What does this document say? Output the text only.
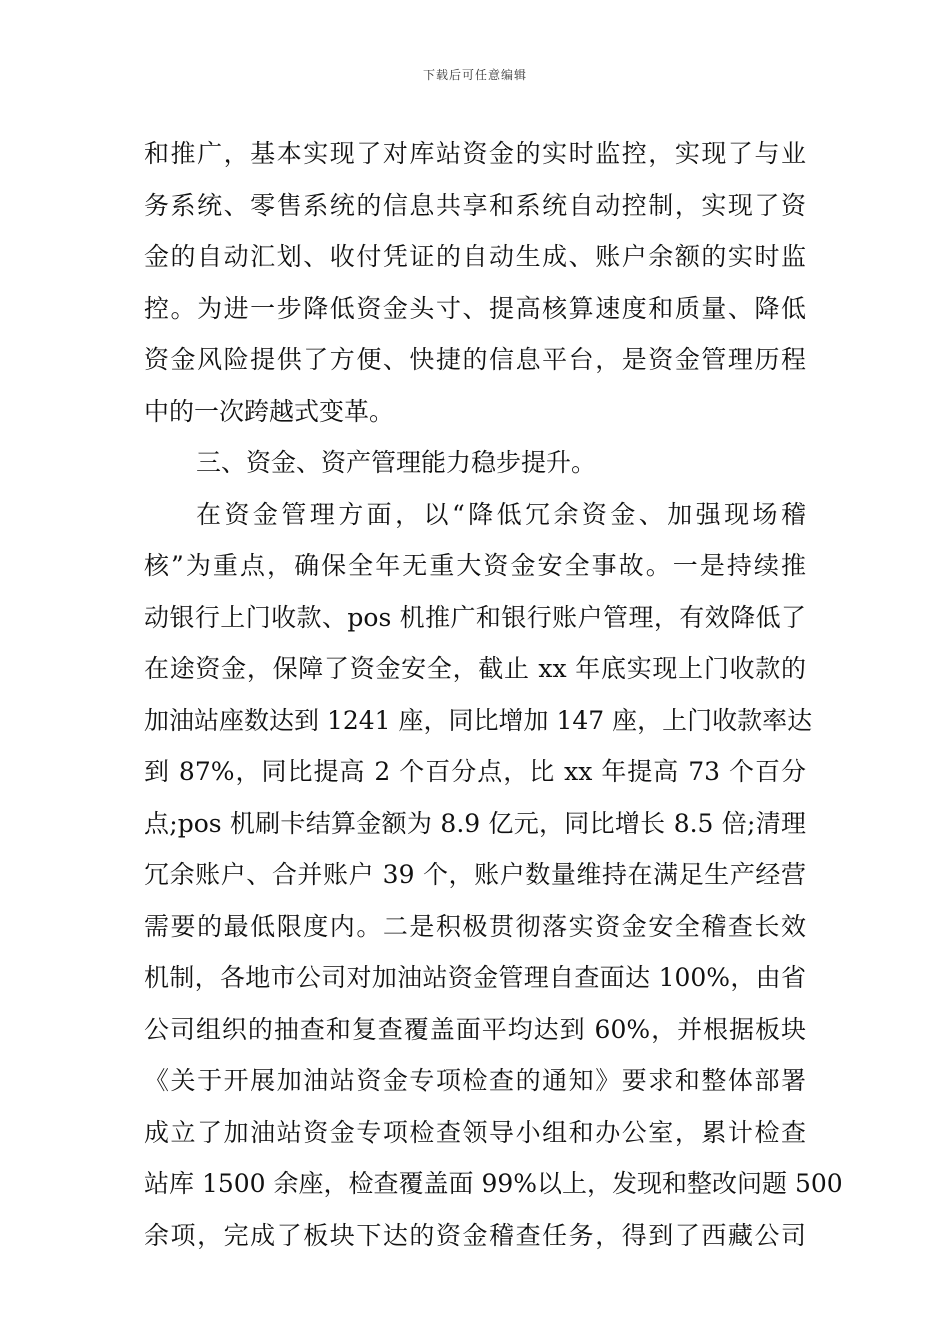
下载后可任意编辑
和推广，基本实现了对库站资金的实时监控，实现了与业
务系统、零售系统的信息共享和系统自动控制，实现了资
金的自动汇划、收付凭证的自动生成、账户余额的实时监
控。为进一步降低资金头寸、提高核算速度和质量、降低
资金风险提供了方便、快捷的信息平台，是资金管理历程
中的一次跨越式变革。
三、资金、资产管理能力稳步提升。
在资金管理方面，以“降低冗余资金、加强现场稽
核”为重点，确保全年无重大资金安全事故。一是持续推
动银行上门收款、pos 机推广和银行账户管理，有效降低了
在途资金，保障了资金安全，截止 xx 年底实现上门收款的
加油站座数达到 1241 座，同比增加 147 座，上门收款率达
到 87%，同比提高 2 个百分点，比 xx 年提高 73 个百分
点;pos 机刷卡结算金额为 8.9 亿元，同比增长 8.5 倍;清理
冗余账户、合并账户 39 个，账户数量维持在满足生产经营
需要的最低限度内。二是积极贯彻落实资金安全稽查长效
机制，各地市公司对加油站资金管理自查面达 100%，由省
公司组织的抽查和复查覆盖面平均达到 60%，并根据板块
《关于开展加油站资金专项检查的通知》要求和整体部署
成立了加油站资金专项检查领导小组和办公室，累计检查
站库 1500 余座，检查覆盖面 99%以上，发现和整改问题 500
余项，完成了板块下达的资金稽查任务，得到了西藏公司
